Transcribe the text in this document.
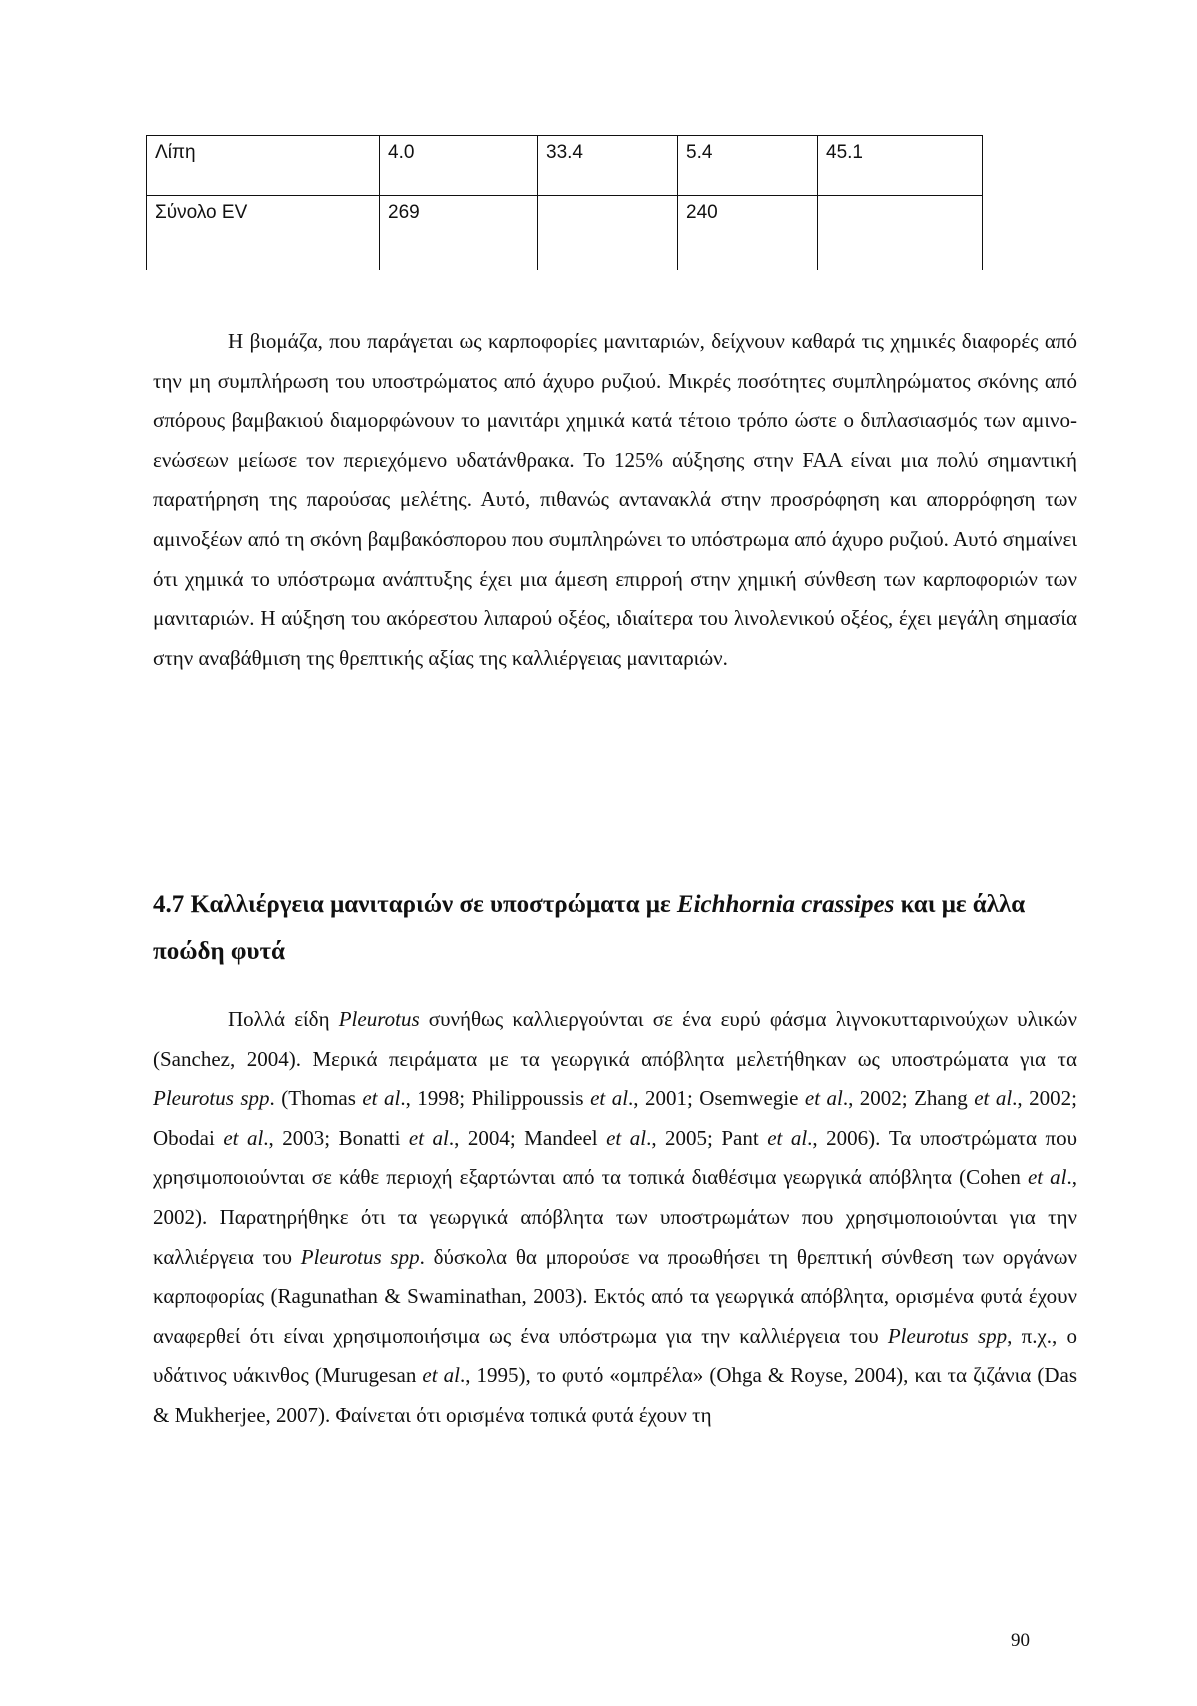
Λίπη	4.0	33.4	5.4	45.1
Σύνολο EV	269		240	

Η βιομάζα, που παράγεται ως καρποφορίες μανιταριών, δείχνουν καθαρά τις χημικές διαφορές από την μη συμπλήρωση του υποστρώματος από άχυρο ρυζιού. Μικρές ποσότητες συμπληρώματος σκόνης από σπόρους βαμβακιού διαμορφώνουν το μανιτάρι χημικά κατά τέτοιο τρόπο ώστε ο διπλασιασμός των αμινο-ενώσεων μείωσε τον περιεχόμενο υδατάνθρακα. Το 125% αύξησης στην FAA είναι μια πολύ σημαντική παρατήρηση της παρούσας μελέτης. Αυτό, πιθανώς αντανακλά στην προσρόφηση και απορρόφηση των αμινοξέων από τη σκόνη βαμβακόσπορου που συμπληρώνει το υπόστρωμα από άχυρο ρυζιού. Αυτό σημαίνει ότι χημικά το υπόστρωμα ανάπτυξης έχει μια άμεση επιρροή στην χημική σύνθεση των καρποφοριών των μανιταριών. Η αύξηση του ακόρεστου λιπαρού οξέος, ιδιαίτερα του λινολενικού οξέος, έχει μεγάλη σημασία στην αναβάθμιση της θρεπτικής αξίας της καλλιέργειας μανιταριών.

4.7 Καλλιέργεια μανιταριών σε υποστρώματα με Eichhornia crassipes και με άλλα ποώδη φυτά

Πολλά είδη Pleurotus συνήθως καλλιεργούνται σε ένα ευρύ φάσμα λιγνοκυτταρινούχων υλικών (Sanchez, 2004). Μερικά πειράματα με τα γεωργικά απόβλητα μελετήθηκαν ως υποστρώματα για τα Pleurotus spp. (Thomas et al., 1998; Philippoussis et al., 2001; Osemwegie et al., 2002; Zhang et al., 2002; Obodai et al., 2003; Bonatti et al., 2004; Mandeel et al., 2005; Pant et al., 2006). Τα υποστρώματα που χρησιμοποιούνται σε κάθε περιοχή εξαρτώνται από τα τοπικά διαθέσιμα γεωργικά απόβλητα (Cohen et al., 2002). Παρατηρήθηκε ότι τα γεωργικά απόβλητα των υποστρωμάτων που χρησιμοποιούνται για την καλλιέργεια του Pleurotus spp. δύσκολα θα μπορούσε να προωθήσει τη θρεπτική σύνθεση των οργάνων καρποφορίας (Ragunathan & Swaminathan, 2003). Εκτός από τα γεωργικά απόβλητα, ορισμένα φυτά έχουν αναφερθεί ότι είναι χρησιμοποιήσιμα ως ένα υπόστρωμα για την καλλιέργεια του Pleurotus spp, π.χ., ο υδάτινος υάκινθος (Murugesan et al., 1995), το φυτό «ομπρέλα» (Ohga & Royse, 2004), και τα ζιζάνια (Das & Mukherjee, 2007). Φαίνεται ότι ορισμένα τοπικά φυτά έχουν τη

90
